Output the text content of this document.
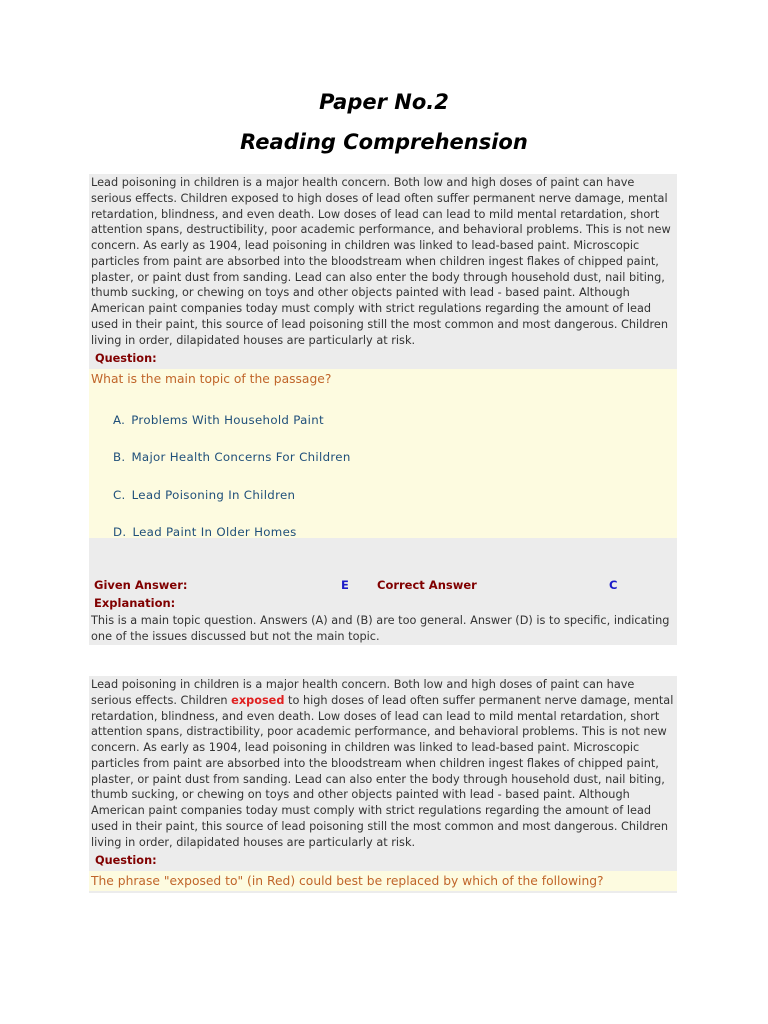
Paper No.2
Reading Comprehension

Lead poisoning in children is a major health concern. Both low and high doses of paint can have serious effects. Children exposed to high doses of lead often suffer permanent nerve damage, mental retardation, blindness, and even death. Low doses of lead can lead to mild mental retardation, short attention spans, destructibility, poor academic performance, and behavioral problems. This is not new concern. As early as 1904, lead poisoning in children was linked to lead-based paint. Microscopic particles from paint are absorbed into the bloodstream when children ingest flakes of chipped paint, plaster, or paint dust from sanding. Lead can also enter the body through household dust, nail biting, thumb sucking, or chewing on toys and other objects painted with lead - based paint. Although American paint companies today must comply with strict regulations regarding the amount of lead used in their paint, this source of lead poisoning still the most common and most dangerous. Children living in order, dilapidated houses are particularly at risk.

Question:

What is the main topic of the passage?

A. Problems With Household Paint
B. Major Health Concerns For Children
C. Lead Poisoning In Children
D. Lead Paint In Older Homes
Given Answer:	E Correct Answer	C
Explanation:

This is a main topic question. Answers (A) and (B) are too general. Answer (D) is to specific, indicating one of the issues discussed but not the main topic.

Lead poisoning in children is a major health concern. Both low and high doses of paint can have serious effects. Children exposed to high doses of lead often suffer permanent nerve damage, mental retardation, blindness, and even death. Low doses of lead can lead to mild mental retardation, short attention spans, distractibility, poor academic performance, and behavioral problems. This is not new concern. As early as 1904, lead poisoning in children was linked to lead-based paint. Microscopic particles from paint are absorbed into the bloodstream when children ingest flakes of chipped paint, plaster, or paint dust from sanding. Lead can also enter the body through household dust, nail biting, thumb sucking, or chewing on toys and other objects painted with lead - based paint. Although American paint companies today must comply with strict regulations regarding the amount of lead used in their paint, this source of lead poisoning still the most common and most dangerous. Children living in order, dilapidated houses are particularly at risk.

Question:

The phrase "exposed to" (in Red) could best be replaced by which of the following?
